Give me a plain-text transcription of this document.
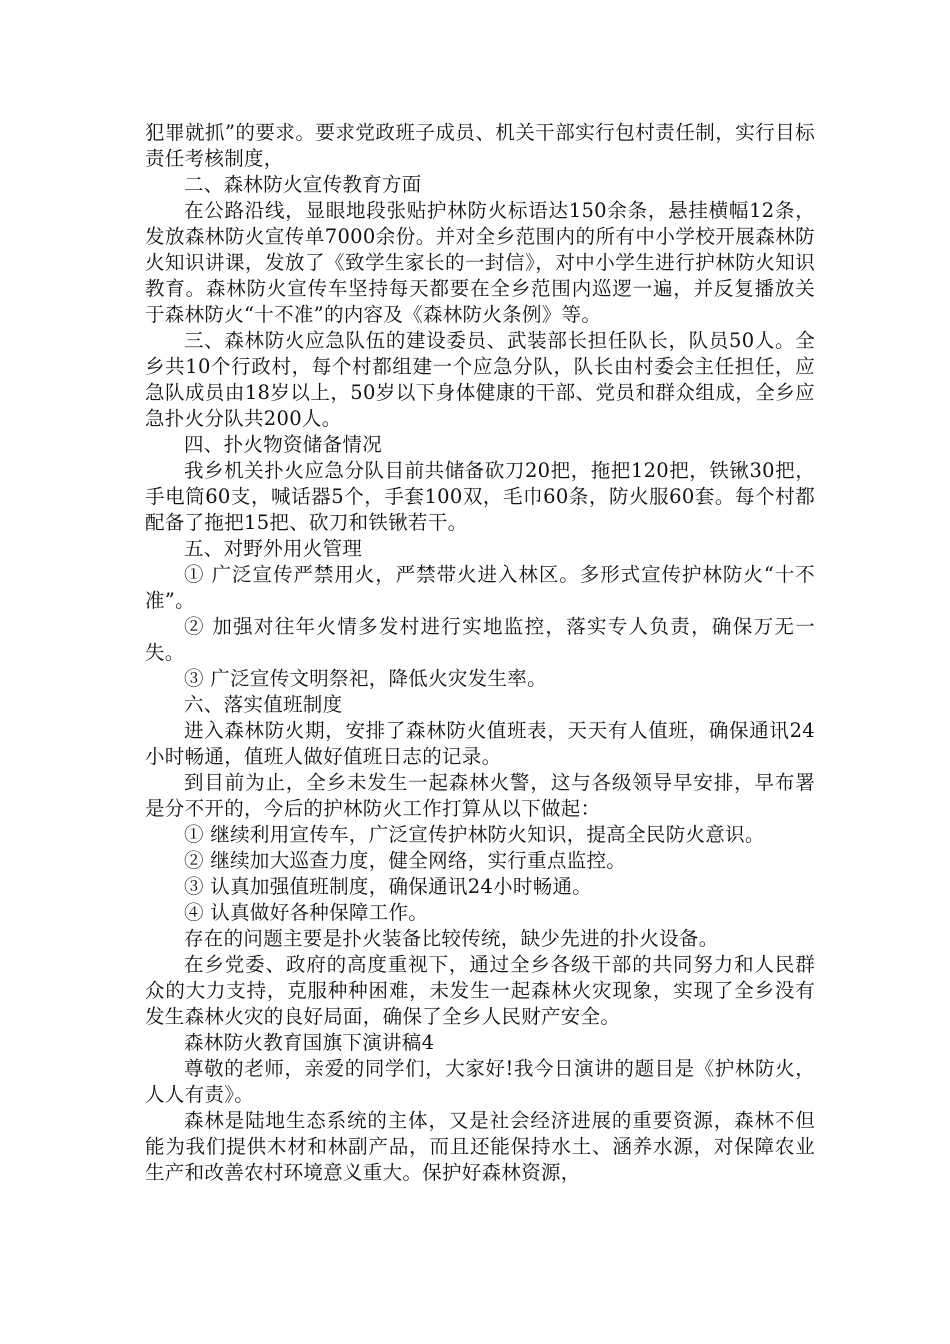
犯罪就抓”的要求。要求党政班子成员、机关干部实行包村责任制，实行目标责任考核制度，

二、森林防火宣传教育方面

在公路沿线，显眼地段张贴护林防火标语达150余条，悬挂横幅12条，发放森林防火宣传单7000余份。并对全乡范围内的所有中小学校开展森林防火知识讲课，发放了《致学生家长的一封信》，对中小学生进行护林防火知识教育。森林防火宣传车坚持每天都要在全乡范围内巡逻一遍，并反复播放关于森林防火“十不准”的内容及《森林防火条例》等。

三、森林防火应急队伍的建设委员、武装部长担任队长，队员50人。全乡共10个行政村，每个村都组建一个应急分队，队长由村委会主任担任，应急队成员由18岁以上，50岁以下身体健康的干部、党员和群众组成，全乡应急扑火分队共200人。

四、扑火物资储备情况

我乡机关扑火应急分队目前共储备砍刀20把，拖把120把，铁锹30把，手电筒60支，喊话器5个，手套100双，毛巾60条，防火服60套。每个村都配备了拖把15把、砍刀和铁锹若干。

五、对野外用火管理

① 广泛宣传严禁用火，严禁带火进入林区。多形式宣传护林防火“十不准”。

② 加强对往年火情多发村进行实地监控，落实专人负责，确保万无一失。

③ 广泛宣传文明祭祀，降低火灾发生率。

六、落实值班制度

进入森林防火期，安排了森林防火值班表，天天有人值班，确保通讯24小时畅通，值班人做好值班日志的记录。

到目前为止，全乡未发生一起森林火警，这与各级领导早安排，早布署是分不开的，今后的护林防火工作打算从以下做起：

① 继续利用宣传车，广泛宣传护林防火知识，提高全民防火意识。

② 继续加大巡查力度，健全网络，实行重点监控。

③ 认真加强值班制度，确保通讯24小时畅通。

④ 认真做好各种保障工作。

存在的问题主要是扑火装备比较传统，缺少先进的扑火设备。

在乡党委、政府的高度重视下，通过全乡各级干部的共同努力和人民群众的大力支持，克服种种困难，未发生一起森林火灾现象，实现了全乡没有发生森林火灾的良好局面，确保了全乡人民财产安全。

森林防火教育国旗下演讲稿4

尊敬的老师，亲爱的同学们，大家好!我今日演讲的题目是《护林防火，人人有责》。

森林是陆地生态系统的主体，又是社会经济进展的重要资源，森林不但能为我们提供木材和林副产品，而且还能保持水土、涵养水源，对保障农业生产和改善农村环境意义重大。保护好森林资源，
